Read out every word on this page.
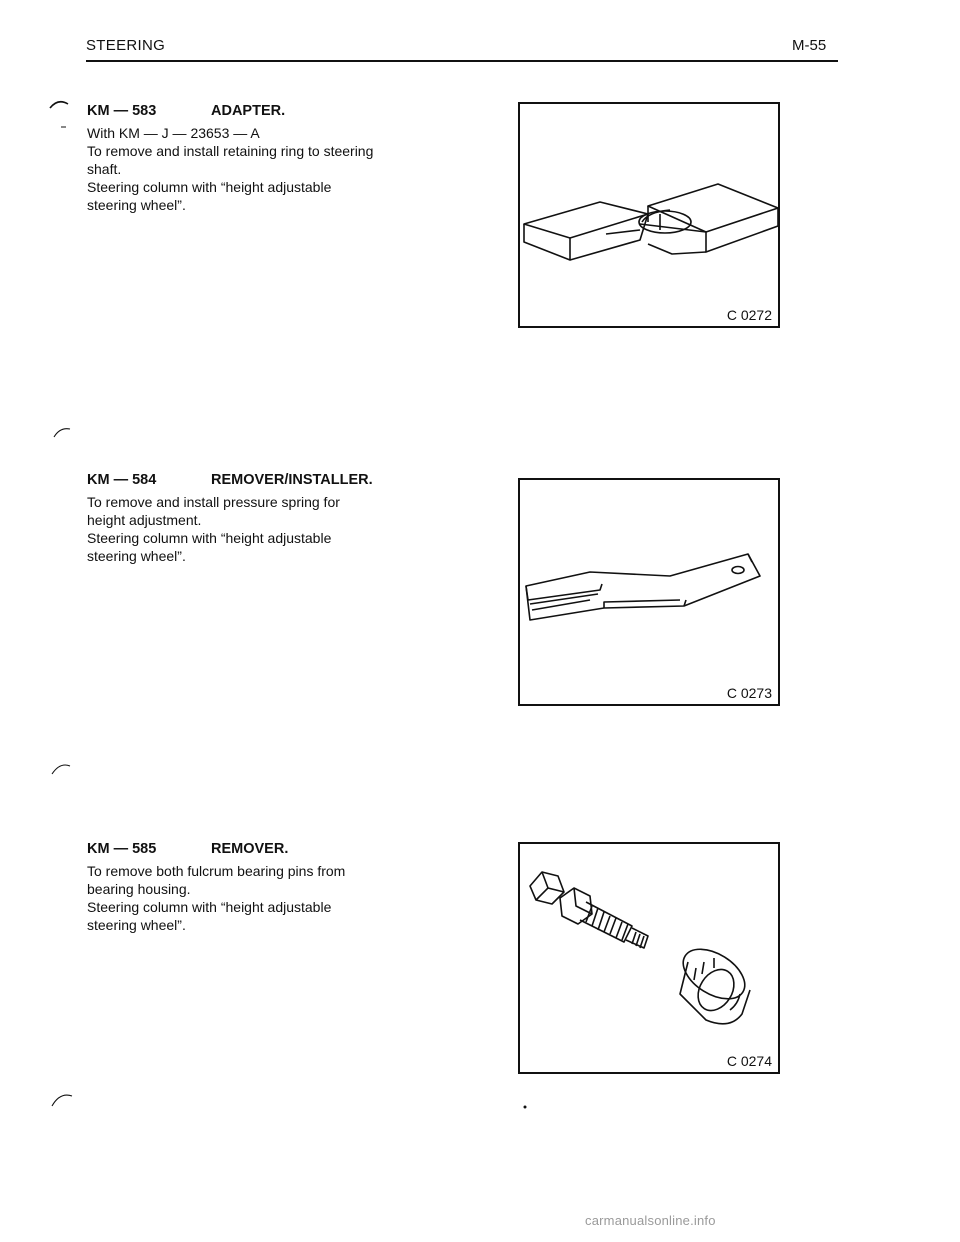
STEERING	M-55
KM — 583	ADAPTER.
With KM — J — 23653 — A
To remove and install retaining ring to steering
shaft.
Steering column with “height adjustable
steering wheel”.
C 0272
KM — 584	REMOVER/INSTALLER.
To remove and install pressure spring for
height adjustment.
Steering column with “height adjustable
steering wheel”.
C 0273
KM — 585	REMOVER.
To remove both fulcrum bearing pins from
bearing housing.
Steering column with “height adjustable
steering wheel”.
C 0274
carmanualsonline.info
